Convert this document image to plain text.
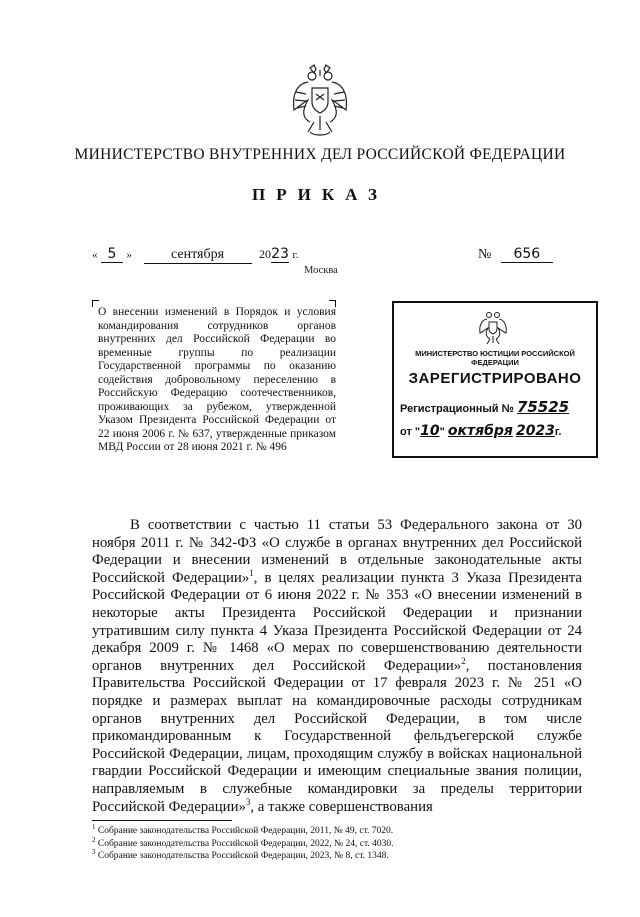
МИНИСТЕРСТВО ВНУТРЕННИХ ДЕЛ РОССИЙСКОЙ ФЕДЕРАЦИИ
ПРИКАЗ
« 5 »	сентября	2023 г.
Москва
№ 656
О внесении изменений в Порядок и условия командирования сотрудников органов внутренних дел Российской Федерации во временные группы по реализации Государственной программы по оказанию содействия добровольному переселению в Российскую Федерацию соотечественников, проживающих за рубежом, утвержденной Указом Президента Российской Федерации от 22 июня 2006 г. № 637, утвержденные приказом МВД России от 28 июня 2021 г. № 496
МИНИСТЕРСТВО ЮСТИЦИИ РОССИЙСКОЙ ФЕДЕРАЦИИ
ЗАРЕГИСТРИРОВАНО
Регистрационный № 75525
от "10" октября 2023г.

В соответствии с частью 11 статьи 53 Федерального закона от 30 ноября 2011 г. № 342-ФЗ «О службе в органах внутренних дел Российской Федерации и внесении изменений в отдельные законодательные акты Российской Федерации»$^1$, в целях реализации пункта 3 Указа Президента Российской Федерации от 6 июня 2022 г. № 353 «О внесении изменений в некоторые акты Президента Российской Федерации и признании утратившим силу пункта 4 Указа Президента Российской Федерации от 24 декабря 2009 г. № 1468 «О мерах по совершенствованию деятельности органов внутренних дел Российской Федерации»$^2$, постановления Правительства Российской Федерации от 17 февраля 2023 г. № 251 «О порядке и размерах выплат на командировочные расходы сотрудникам органов внутренних дел Российской Федерации, в том числе прикомандированным к Государственной фельдъегерской службе Российской Федерации, лицам, проходящим службу в войсках национальной гвардии Российской Федерации и имеющим специальные звания полиции, направляемым в служебные командировки за пределы территории Российской Федерации»$^3$, а также совершенствования

$^1$ Собрание законодательства Российской Федерации, 2011, № 49, ст. 7020.
$^2$ Собрание законодательства Российской Федерации, 2022, № 24, ст. 4030.
$^3$ Собрание законодательства Российской Федерации, 2023, № 8, ст. 1348.
